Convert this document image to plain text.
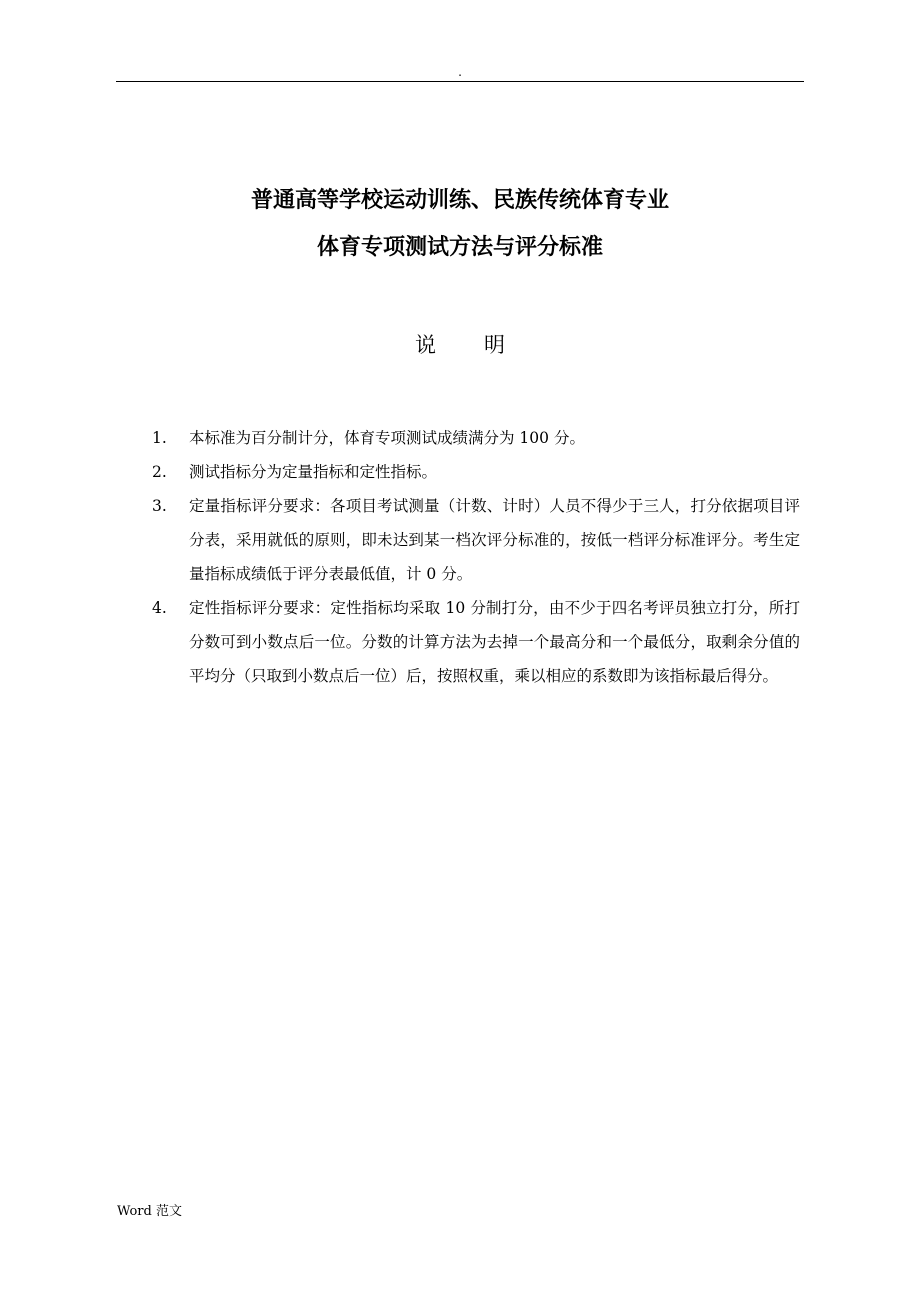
.
普通高等学校运动训练、民族传统体育专业
体育专项测试方法与评分标准
说明
1. 本标准为百分制计分，体育专项测试成绩满分为 100 分。
2. 测试指标分为定量指标和定性指标。
3. 定量指标评分要求：各项目考试测量（计数、计时）人员不得少于三人，打分依据项目评分表，采用就低的原则，即未达到某一档次评分标准的，按低一档评分标准评分。考生定量指标成绩低于评分表最低值，计 0 分。
4. 定性指标评分要求：定性指标均采取 10 分制打分，由不少于四名考评员独立打分，所打分数可到小数点后一位。分数的计算方法为去掉一个最高分和一个最低分，取剩余分值的平均分（只取到小数点后一位）后，按照权重，乘以相应的系数即为该指标最后得分。
Word 范文
